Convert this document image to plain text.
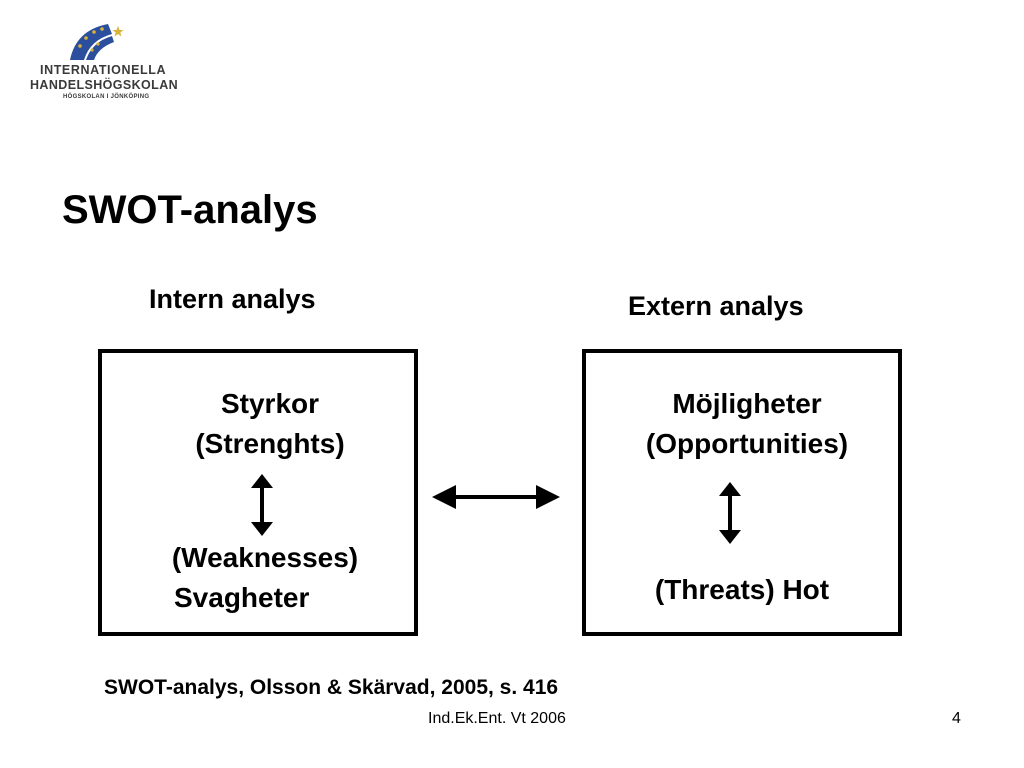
INTERNATIONELLA
HANDELSHÖGSKOLAN
HÖGSKOLAN I JÖNKÖPING
SWOT-analys
Intern analys	Extern analys
Styrkor
(Strenghts)
(Weaknesses)
Svagheter
Möjligheter
(Opportunities)
(Threats) Hot
SWOT-analys, Olsson & Skärvad, 2005, s. 416
Ind.Ek.Ent. Vt 2006	4
